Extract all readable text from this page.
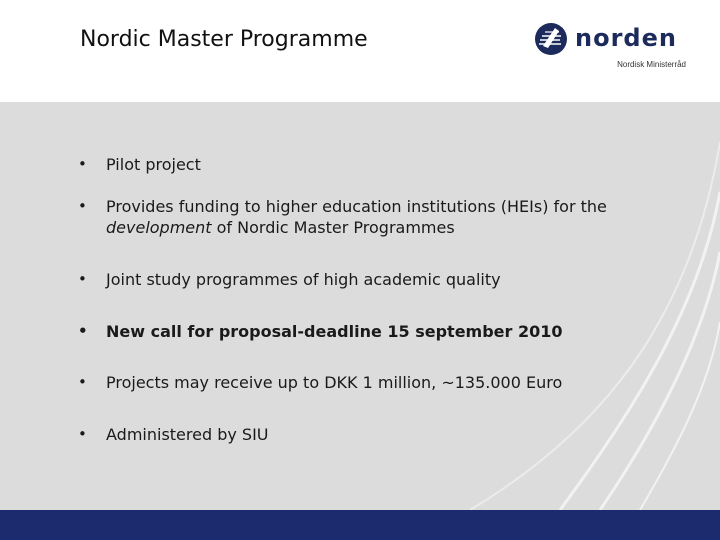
Nordic Master Programme	norden
Nordisk Ministerråd
• Pilot project
• Provides funding to higher education institutions (HEIs) for the development of Nordic Master Programmes
• Joint study programmes of high academic quality
• New call for proposal-deadline 15 september 2010
• Projects may receive up to DKK 1 million, ~135.000 Euro
• Administered by SIU
